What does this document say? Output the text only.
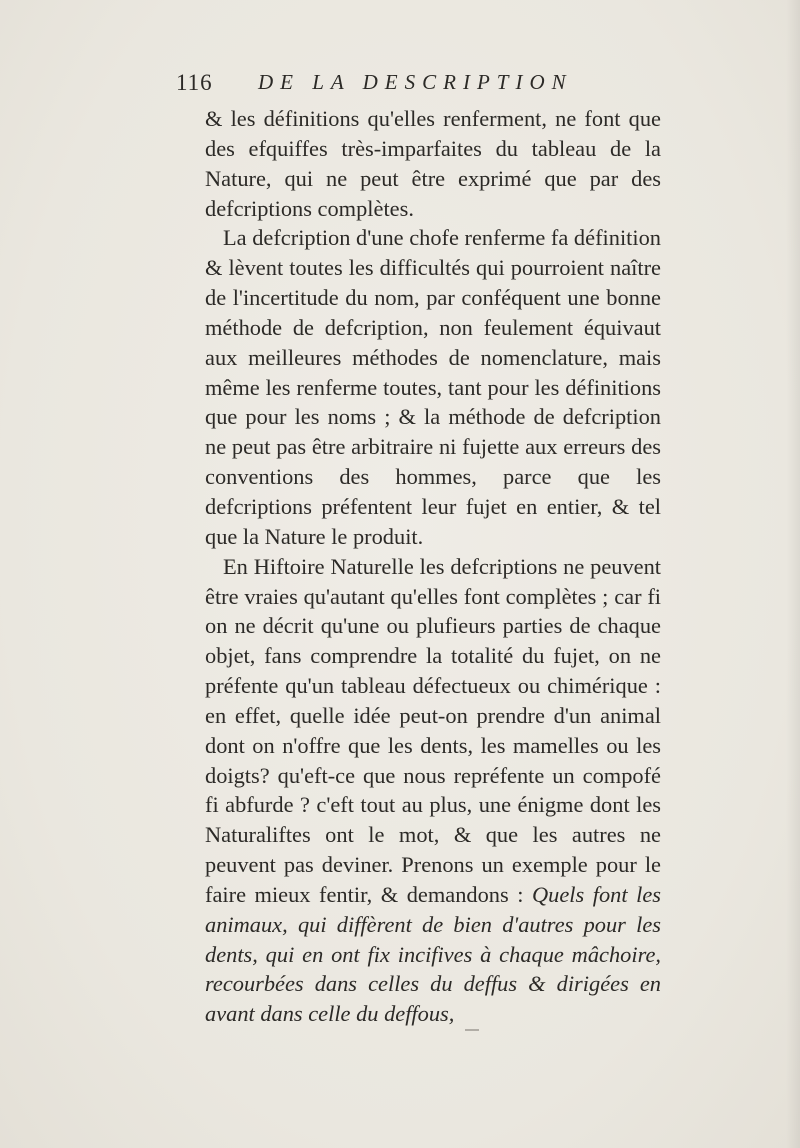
116 DE LA DESCRIPTION

& les définitions qu'elles renferment, ne font que des efquiffes très-imparfaites du tableau de la Nature, qui ne peut être exprimé que par des defcriptions complètes.

La defcription d'une chofe renferme fa définition & lèvent toutes les difficultés qui pourroient naître de l'incertitude du nom, par conféquent une bonne méthode de defcription, non feulement équivaut aux meilleures méthodes de nomenclature, mais même les renferme toutes, tant pour les définitions que pour les noms ; & la méthode de defcription ne peut pas être arbitraire ni fujette aux erreurs des conventions des hommes, parce que les defcriptions préfentent leur fujet en entier, & tel que la Nature le produit.

En Hiftoire Naturelle les defcriptions ne peuvent être vraies qu'autant qu'elles font complètes ; car fi on ne décrit qu'une ou plufieurs parties de chaque objet, fans comprendre la totalité du fujet, on ne préfente qu'un tableau défectueux ou chimérique : en effet, quelle idée peut-on prendre d'un animal dont on n'offre que les dents, les mamelles ou les doigts? qu'eft-ce que nous repréfente un compofé fi abfurde ? c'eft tout au plus, une énigme dont les Naturaliftes ont le mot, & que les autres ne peuvent pas deviner. Prenons un exemple pour le faire mieux fentir, & demandons : Quels font les animaux, qui diffèrent de bien d'autres pour les dents, qui en ont fix incifives à chaque mâchoire, recourbées dans celles du deffus & dirigées en avant dans celle du deffous,
